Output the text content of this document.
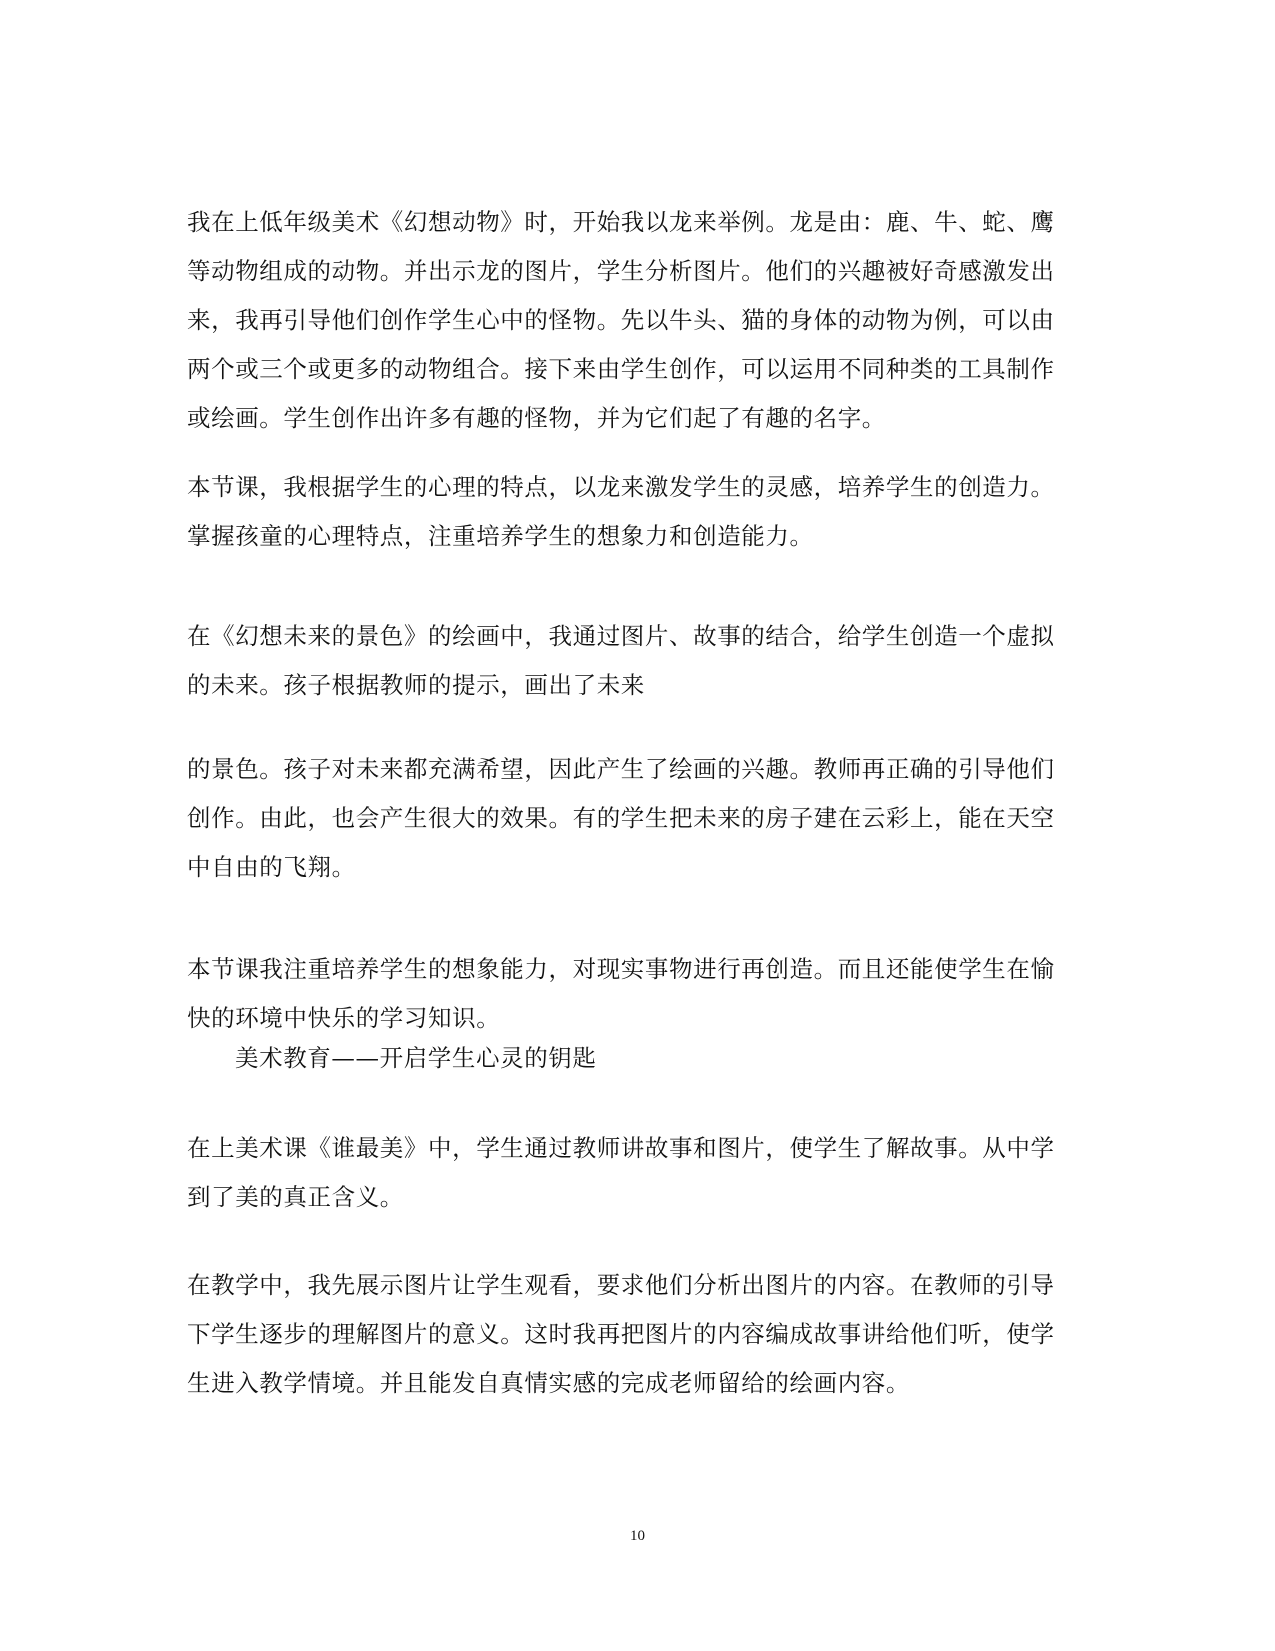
我在上低年级美术《幻想动物》时，开始我以龙来举例。龙是由：鹿、牛、蛇、鹰
等动物组成的动物。并出示龙的图片，学生分析图片。他们的兴趣被好奇感激发出
来，我再引导他们创作学生心中的怪物。先以牛头、猫的身体的动物为例，可以由
两个或三个或更多的动物组合。接下来由学生创作，可以运用不同种类的工具制作
或绘画。学生创作出许多有趣的怪物，并为它们起了有趣的名字。

本节课，我根据学生的心理的特点，以龙来激发学生的灵感，培养学生的创造力。
掌握孩童的心理特点，注重培养学生的想象力和创造能力。

在《幻想未来的景色》的绘画中，我通过图片、故事的结合，给学生创造一个虚拟
的未来。孩子根据教师的提示，画出了未来

的景色。孩子对未来都充满希望，因此产生了绘画的兴趣。教师再正确的引导他们
创作。由此，也会产生很大的效果。有的学生把未来的房子建在云彩上，能在天空
中自由的飞翔。

本节课我注重培养学生的想象能力，对现实事物进行再创造。而且还能使学生在愉
快的环境中快乐的学习知识。

美术教育——开启学生心灵的钥匙

在上美术课《谁最美》中，学生通过教师讲故事和图片，使学生了解故事。从中学
到了美的真正含义。

在教学中，我先展示图片让学生观看，要求他们分析出图片的内容。在教师的引导
下学生逐步的理解图片的意义。这时我再把图片的内容编成故事讲给他们听，使学
生进入教学情境。并且能发自真情实感的完成老师留给的绘画内容。

10
